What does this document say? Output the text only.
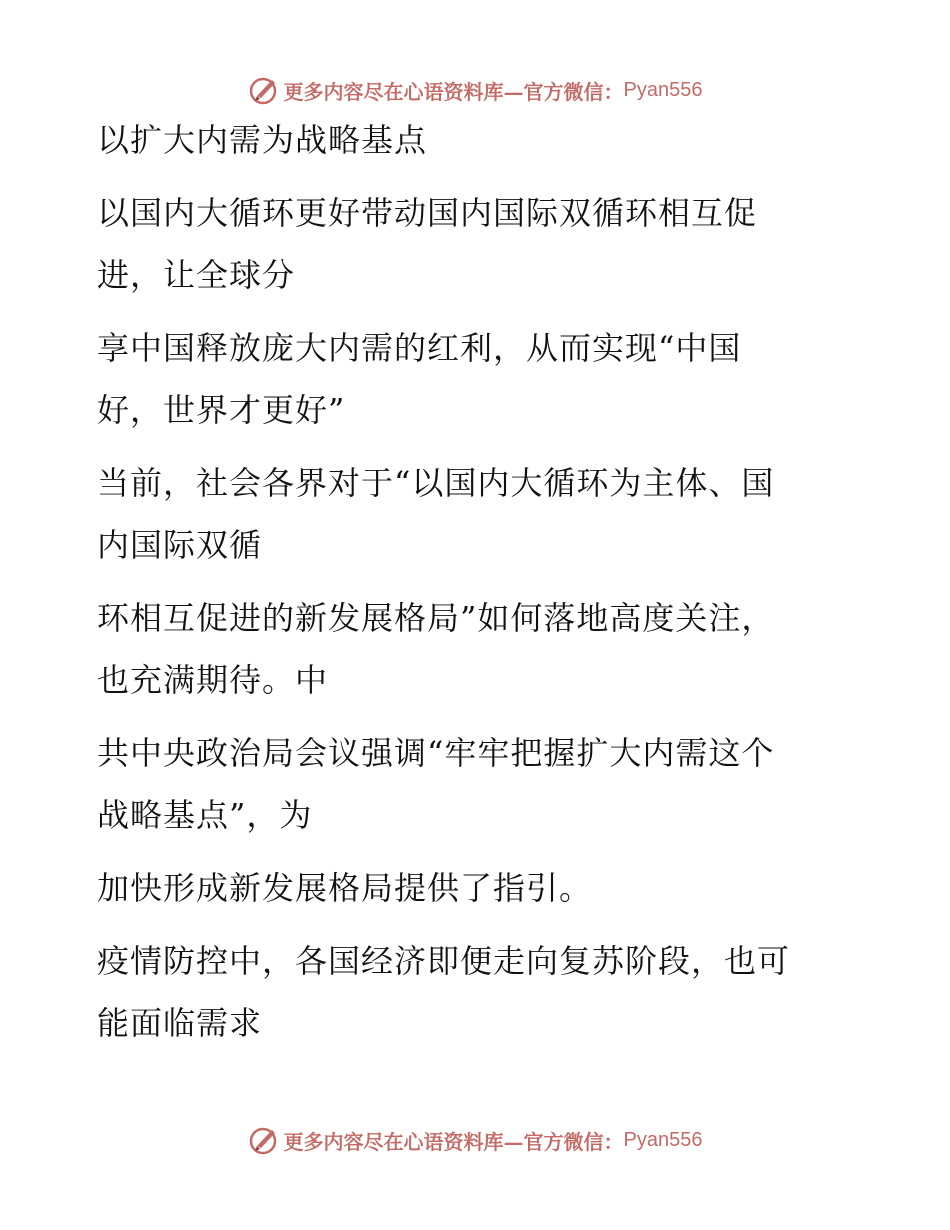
更多内容尽在心语资料库—官方微信： Pyan556
以扩大内需为战略基点
以国内大循环更好带动国内国际双循环相互促
进，让全球分
享中国释放庞大内需的红利，从而实现“中国
好，世界才更好”
当前，社会各界对于“以国内大循环为主体、国
内国际双循
环相互促进的新发展格局”如何落地高度关注，
也充满期待。中
共中央政治局会议强调“牢牢把握扩大内需这个
战略基点”，为
加快形成新发展格局提供了指引。
疫情防控中，各国经济即便走向复苏阶段，也可
能面临需求
更多内容尽在心语资料库—官方微信： Pyan556
